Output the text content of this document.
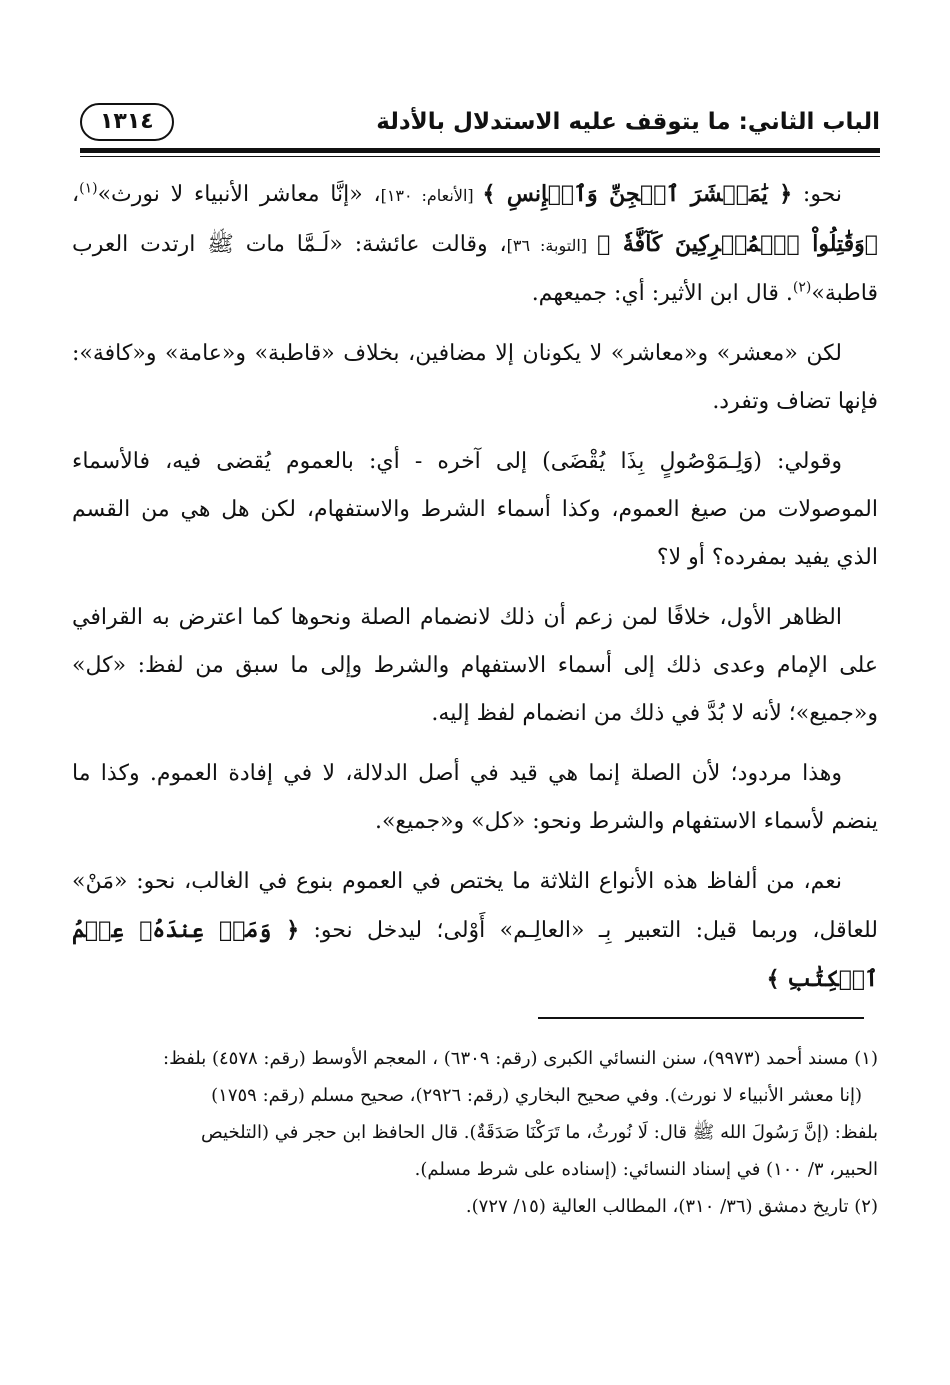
الباب الثاني: ما يتوقف عليه الاستدلال بالأدلة
١٣١٤

نحو: ﴿ يَٰمَعۡشَرَ ٱلۡجِنِّ وَٱلۡإِنسِ ﴾ [الأنعام: ١٣٠]، «إنَّا معاشر الأنبياء لا نورث»$^{(١)}$، ﴿وَقَٰتِلُواْ ٱلۡمُشۡرِكِينَ كَآفَّةٗ ﴾ [التوبة: ٣٦]، وقالت عائشة: «لَـمَّا مات ﷺ ارتدت العرب قاطبة»$^{(٢)}$. قال ابن الأثير: أي: جميعهم.

لكن «معشر» و«معاشر» لا يكونان إلا مضافين، بخلاف «قاطبة» و«عامة» و«كافة»: فإنها تضاف وتفرد.

وقولي: (وَلِـمَوْصُولٍ بِذَا يُقْضَى) إلى آخره - أي: بالعموم يُقضى فيه، فالأسماء الموصولات من صيغ العموم، وكذا أسماء الشرط والاستفهام، لكن هل هي من القسم الذي يفيد بمفرده؟ أو لا؟

الظاهر الأول، خلافًا لمن زعم أن ذلك لانضمام الصلة ونحوها كما اعترض به القرافي على الإمام وعدى ذلك إلى أسماء الاستفهام والشرط وإلى ما سبق من لفظ: «كل» و«جميع»؛ لأنه لا بُدَّ في ذلك من انضمام لفظ إليه.

وهذا مردود؛ لأن الصلة إنما هي قيد في أصل الدلالة، لا في إفادة العموم. وكذا ما ينضم لأسماء الاستفهام والشرط ونحو: «كل» و«جميع».

نعم، من ألفاظ هذه الأنواع الثلاثة ما يختص في العموم بنوع في الغالب، نحو: «مَنْ» للعاقل، وربما قيل: التعبير بِـ «العالِـم» أَوْلى؛ ليدخل نحو: ﴿ وَمَنۡ عِندَهُۥ عِلۡمُ ٱلۡكِتَٰبِ ﴾

(١) مسند أحمد (٩٩٧٣)، سنن النسائي الكبرى (رقم: ٦٣٠٩) ، المعجم الأوسط (رقم: ٤٥٧٨) بلفظ:

(إنا معشر الأنبياء لا نورث). وفي صحيح البخاري (رقم: ٢٩٢٦)، صحيح مسلم (رقم: ١٧٥٩)

بلفظ: (إنَّ رَسُولَ الله ﷺ قال: لَا نُورثُ، ما تَرَكْنَا صَدَقَةٌ). قال الحافظ ابن حجر في (التلخيص

الحبير، ٣/ ١٠٠) في إسناد النسائي: (إسناده على شرط مسلم).

(٢) تاريخ دمشق (٣٦/ ٣١٠)، المطالب العالية (١٥/ ٧٢٧).
